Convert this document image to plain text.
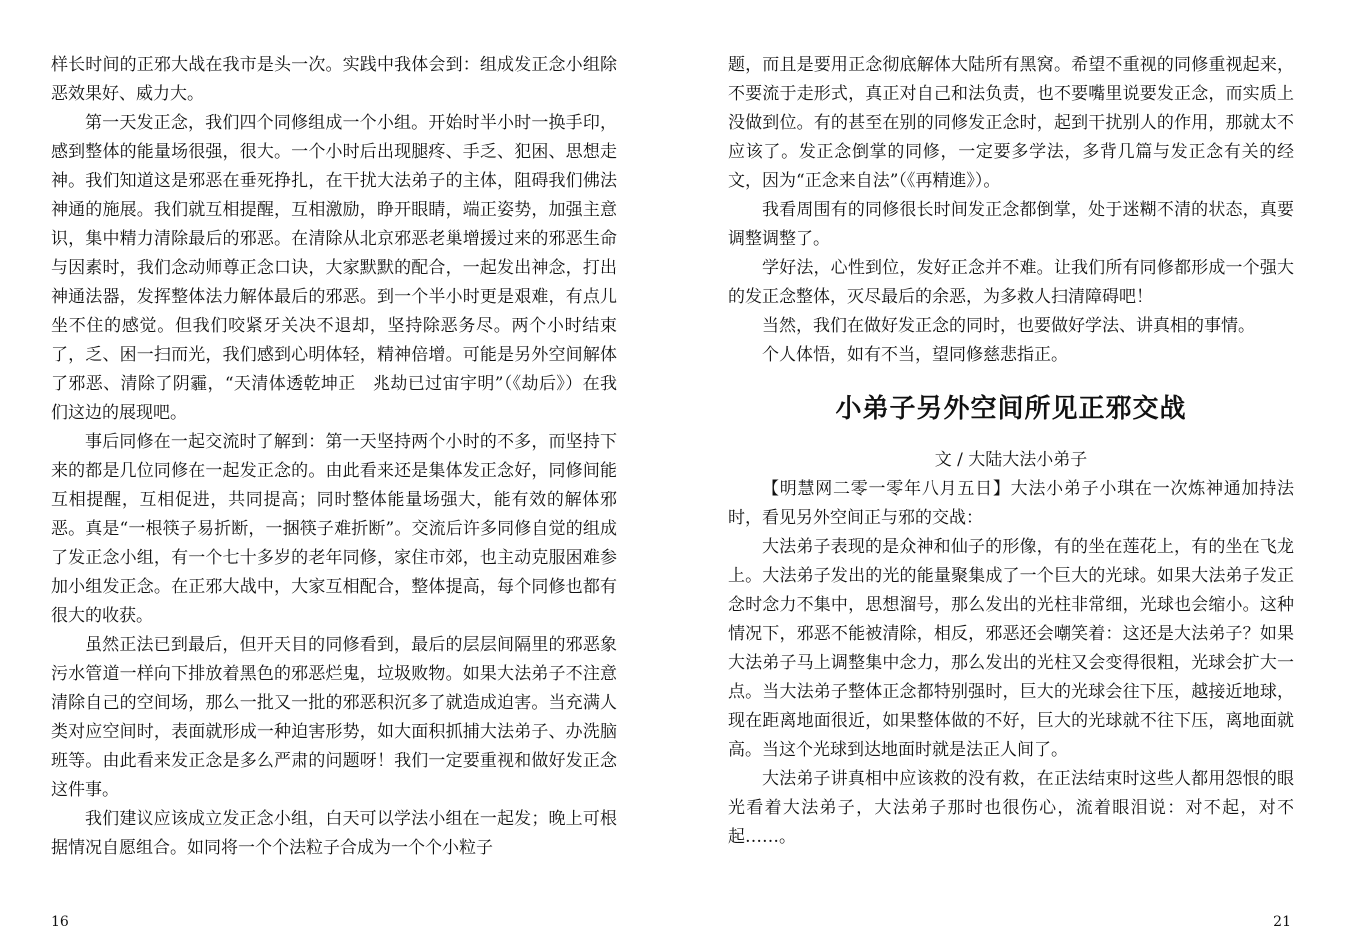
样长时间的正邪大战在我市是头一次。实践中我体会到：组成发正念小组除恶效果好、威力大。

第一天发正念，我们四个同修组成一个小组。开始时半小时一换手印，感到整体的能量场很强，很大。一个小时后出现腿疼、手乏、犯困、思想走神。我们知道这是邪恶在垂死挣扎，在干扰大法弟子的主体，阻碍我们佛法神通的施展。我们就互相提醒，互相激励，睁开眼睛，端正姿势，加强主意识，集中精力清除最后的邪恶。在清除从北京邪恶老巢增援过来的邪恶生命与因素时，我们念动师尊正念口诀，大家默默的配合，一起发出神念，打出神通法器，发挥整体法力解体最后的邪恶。到一个半小时更是艰难，有点儿坐不住的感觉。但我们咬紧牙关决不退却，坚持除恶务尽。两个小时结束了，乏、困一扫而光，我们感到心明体轻，精神倍增。可能是另外空间解体了邪恶、清除了阴霾，“天清体透乾坤正　兆劫已过宙宇明”（《劫后》）在我们这边的展现吧。

事后同修在一起交流时了解到：第一天坚持两个小时的不多，而坚持下来的都是几位同修在一起发正念的。由此看来还是集体发正念好，同修间能互相提醒，互相促进，共同提高；同时整体能量场强大，能有效的解体邪恶。真是“一根筷子易折断，一捆筷子难折断”。交流后许多同修自觉的组成了发正念小组，有一个七十多岁的老年同修，家住市郊，也主动克服困难参加小组发正念。在正邪大战中，大家互相配合，整体提高，每个同修也都有很大的收获。

虽然正法已到最后，但开天目的同修看到，最后的层层间隔里的邪恶象污水管道一样向下排放着黑色的邪恶烂鬼，垃圾败物。如果大法弟子不注意清除自己的空间场，那么一批又一批的邪恶积沉多了就造成迫害。当充满人类对应空间时，表面就形成一种迫害形势，如大面积抓捕大法弟子、办洗脑班等。由此看来发正念是多么严肃的问题呀！我们一定要重视和做好发正念这件事。

我们建议应该成立发正念小组，白天可以学法小组在一起发；晚上可根据情况自愿组合。如同将一个个法粒子合成为一个个小粒子

16

题，而且是要用正念彻底解体大陆所有黑窝。希望不重视的同修重视起来，不要流于走形式，真正对自己和法负责，也不要嘴里说要发正念，而实质上没做到位。有的甚至在别的同修发正念时，起到干扰别人的作用，那就太不应该了。发正念倒掌的同修，一定要多学法，多背几篇与发正念有关的经文，因为“正念来自法”（《再精進》）。

我看周围有的同修很长时间发正念都倒掌，处于迷糊不清的状态，真要调整调整了。

学好法，心性到位，发好正念并不难。让我们所有同修都形成一个强大的发正念整体，灭尽最后的余恶，为多救人扫清障碍吧！

当然，我们在做好发正念的同时，也要做好学法、讲真相的事情。

个人体悟，如有不当，望同修慈悲指正。

小弟子另外空间所见正邪交战

文 / 大陆大法小弟子

【明慧网二零一零年八月五日】大法小弟子小琪在一次炼神通加持法时，看见另外空间正与邪的交战：

大法弟子表现的是众神和仙子的形像，有的坐在莲花上，有的坐在飞龙上。大法弟子发出的光的能量聚集成了一个巨大的光球。如果大法弟子发正念时念力不集中，思想溜号，那么发出的光柱非常细，光球也会缩小。这种情况下，邪恶不能被清除，相反，邪恶还会嘲笑着：这还是大法弟子？如果大法弟子马上调整集中念力，那么发出的光柱又会变得很粗，光球会扩大一点。当大法弟子整体正念都特别强时，巨大的光球会往下压，越接近地球，现在距离地面很近，如果整体做的不好，巨大的光球就不往下压，离地面就高。当这个光球到达地面时就是法正人间了。

大法弟子讲真相中应该救的没有救，在正法结束时这些人都用怨恨的眼光看着大法弟子，大法弟子那时也很伤心，流着眼泪说：对不起，对不起……。

21
